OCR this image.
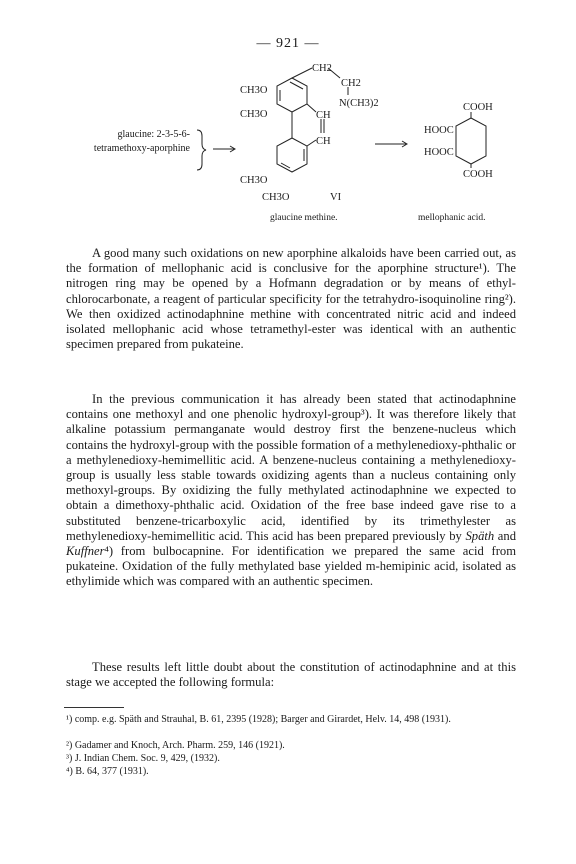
— 921 —
glaucine: 2-3-5-6-
tetramethoxy-aporphine
CH3O
CH3O
CH2
CH2
N(CH3)2
CH
CH
CH3O
CH3O	VI
glaucine methine.
COOH
HOOC
HOOC
COOH
mellophanic acid.

A good many such oxidations on new aporphine alkaloids have been carried out, as the formation of mellophanic acid is conclusive for the aporphine structure¹). The nitrogen ring may be opened by a Hofmann degradation or by means of ethyl-chlorocarbonate, a reagent of particular specificity for the tetrahydro-isoquinoline ring²). We then oxidized actinodaphnine methine with concentrated nitric acid and indeed isolated mellophanic acid whose tetramethyl-ester was identical with an authentic specimen prepared from pukateine.

In the previous communication it has already been stated that actinodaphnine contains one methoxyl and one phenolic hydroxyl-group³). It was therefore likely that alkaline potassium permanganate would destroy first the benzene-nucleus which contains the hydroxyl-group with the possible formation of a methylenedioxy-phthalic or a methylenedioxy-hemimellitic acid. A benzene-nucleus containing a methylenedioxy-group is usually less stable towards oxidizing agents than a nucleus containing only methoxyl-groups. By oxidizing the fully methylated actinodaphnine we expected to obtain a dimethoxy-phthalic acid. Oxidation of the free base indeed gave rise to a substituted benzene-tricarboxylic acid, identified by its trimethylester as methylenedioxy-hemimellitic acid. This acid has been prepared previously by Späth and Kuffner⁴) from bulbocapnine. For identification we prepared the same acid from pukateine. Oxidation of the fully methylated base yielded m-hemipinic acid, isolated as ethylimide which was compared with an authentic specimen.

These results left little doubt about the constitution of actinodaphnine and at this stage we accepted the following formula:

¹) comp. e.g. Späth and Strauhal, B. 61, 2395 (1928); Barger and Girardet, Helv. 14, 498 (1931).
²) Gadamer and Knoch, Arch. Pharm. 259, 146 (1921).
³) J. Indian Chem. Soc. 9, 429, (1932).
⁴) B. 64, 377 (1931).
